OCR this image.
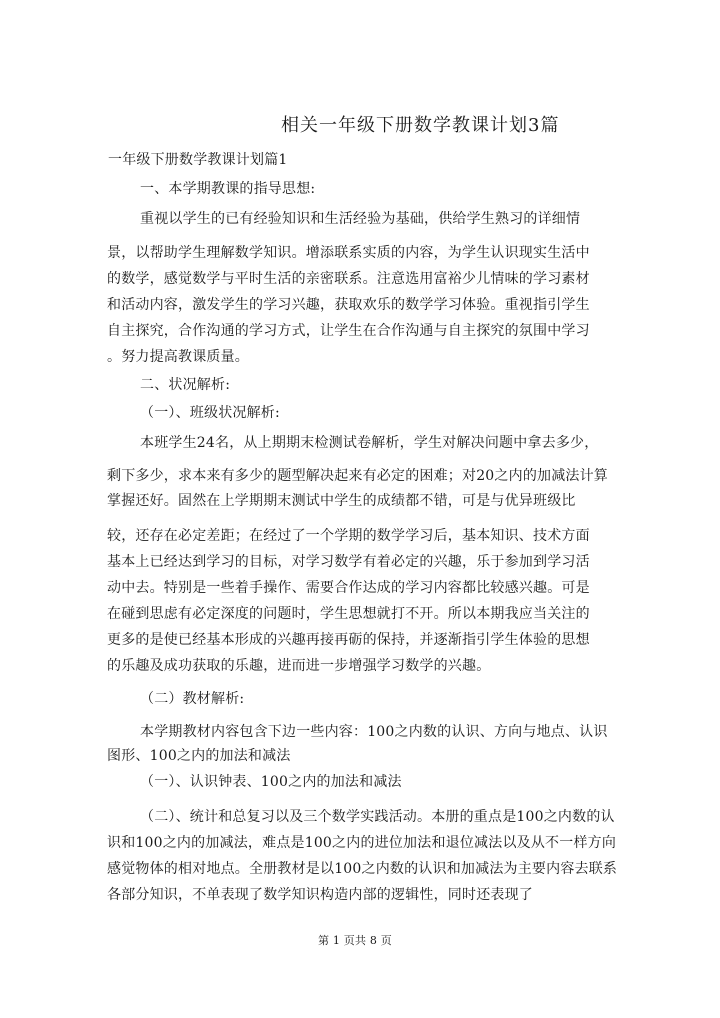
相关一年级下册数学教课计划3篇
一年级下册数学教课计划篇1
一、本学期教课的指导思想:
重视以学生的已有经验知识和生活经验为基础，供给学生熟习的详细情
景，以帮助学生理解数学知识。增添联系实质的内容，为学生认识现实生活中
的数学，感觉数学与平时生活的亲密联系。注意选用富裕少儿情味的学习素材
和活动内容，激发学生的学习兴趣，获取欢乐的数学学习体验。重视指引学生
自主探究，合作沟通的学习方式，让学生在合作沟通与自主探究的氛围中学习
。努力提高教课质量。
二、状况解析:
（一）、班级状况解析:
本班学生24名，从上期期末检测试卷解析，学生对解决问题中拿去多少，
剩下多少，求本来有多少的题型解决起来有必定的困难；对20之内的加减法计算
掌握还好。固然在上学期期末测试中学生的成绩都不错，可是与优异班级比
较，还存在必定差距；在经过了一个学期的数学学习后，基本知识、技术方面
基本上已经达到学习的目标，对学习数学有着必定的兴趣，乐于参加到学习活
动中去。特别是一些着手操作、需要合作达成的学习内容都比较感兴趣。可是
在碰到思虑有必定深度的问题时，学生思想就打不开。所以本期我应当关注的
更多的是使已经基本形成的兴趣再接再砺的保持，并逐渐指引学生体验的思想
的乐趣及成功获取的乐趣，进而进一步增强学习数学的兴趣。
（二）教材解析:
本学期教材内容包含下边一些内容：100之内数的认识、方向与地点、认识
图形、100之内的加法和减法
（一）、认识钟表、100之内的加法和减法
（二）、统计和总复习以及三个数学实践活动。本册的重点是100之内数的认
识和100之内的加减法，难点是100之内的进位加法和退位减法以及从不一样方向
感觉物体的相对地点。全册教材是以100之内数的认识和加减法为主要内容去联系
各部分知识，不单表现了数学知识构造内部的逻辑性，同时还表现了
第 1 页共 8 页
